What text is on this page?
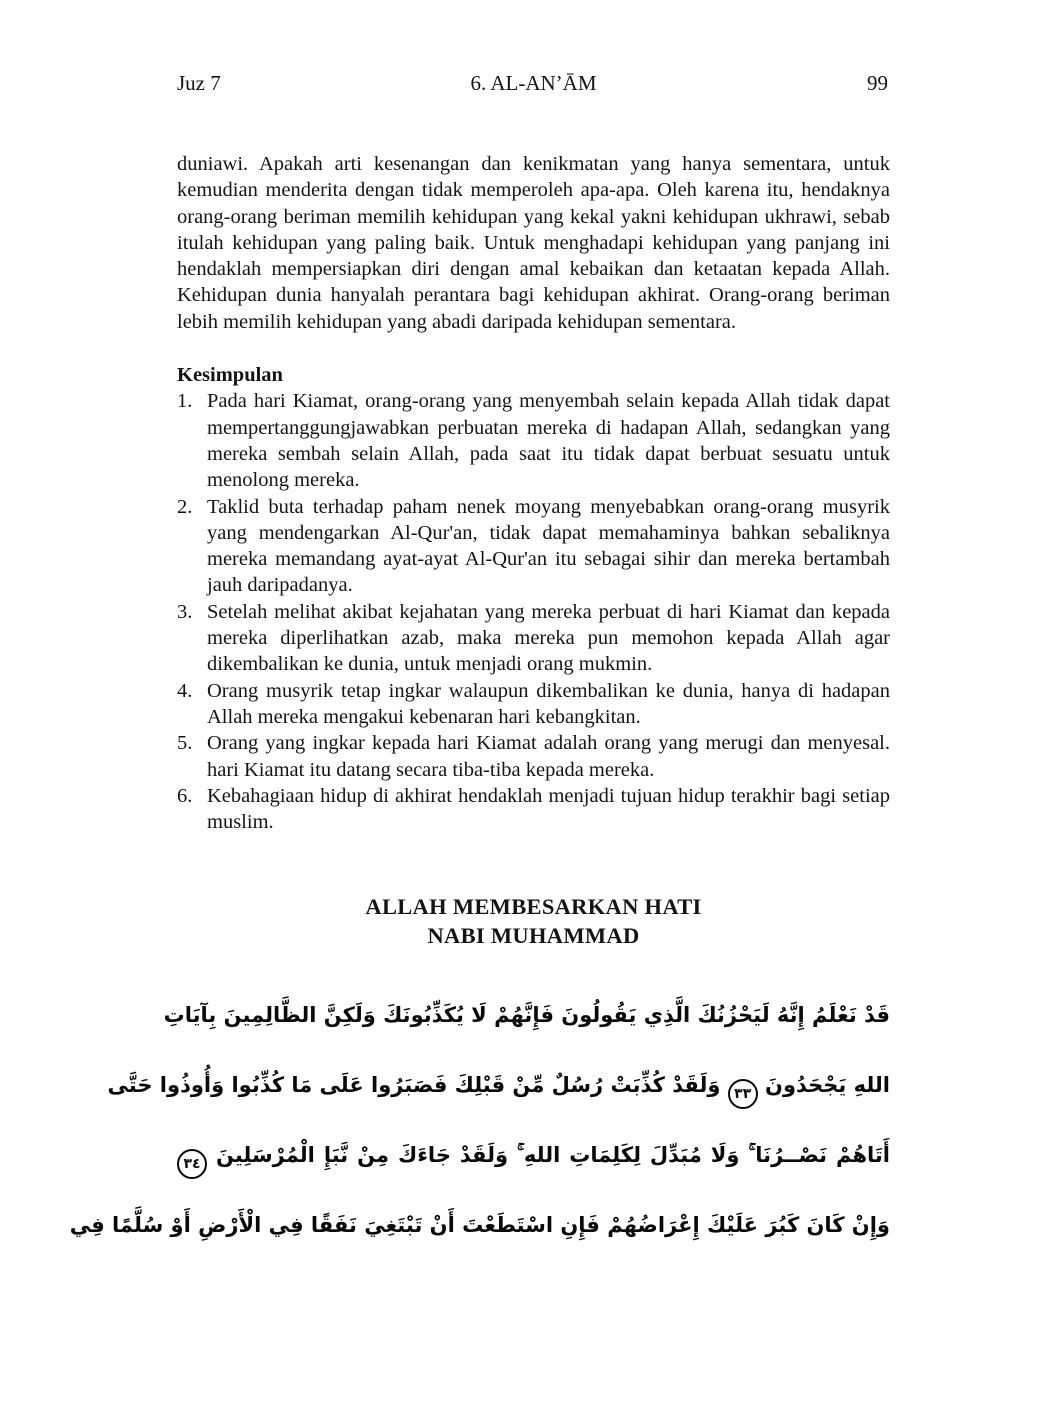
Juz 7	6. AL-AN’ĀM	99

duniawi. Apakah arti kesenangan dan kenikmatan yang hanya sementara, untuk kemudian menderita dengan tidak memperoleh apa-apa. Oleh karena itu, hendaknya orang-orang beriman memilih kehidupan yang kekal yakni kehidupan ukhrawi, sebab itulah kehidupan yang paling baik. Untuk menghadapi kehidupan yang panjang ini hendaklah mempersiapkan diri dengan amal kebaikan dan ketaatan kepada Allah. Kehidupan dunia hanyalah perantara bagi kehidupan akhirat. Orang-orang beriman lebih memilih kehidupan yang abadi daripada kehidupan sementara.

Kesimpulan
1. Pada hari Kiamat, orang-orang yang menyembah selain kepada Allah tidak dapat mempertanggungjawabkan perbuatan mereka di hadapan Allah, sedangkan yang mereka sembah selain Allah, pada saat itu tidak dapat berbuat sesuatu untuk menolong mereka.
2. Taklid buta terhadap paham nenek moyang menyebabkan orang-orang musyrik yang mendengarkan Al-Qur'an, tidak dapat memahaminya bahkan sebaliknya mereka memandang ayat-ayat Al-Qur'an itu sebagai sihir dan mereka bertambah jauh daripadanya.
3. Setelah melihat akibat kejahatan yang mereka perbuat di hari Kiamat dan kepada mereka diperlihatkan azab, maka mereka pun memohon kepada Allah agar dikembalikan ke dunia, untuk menjadi orang mukmin.
4. Orang musyrik tetap ingkar walaupun dikembalikan ke dunia, hanya di hadapan Allah mereka mengakui kebenaran hari kebangkitan.
5. Orang yang ingkar kepada hari Kiamat adalah orang yang merugi dan menyesal. hari Kiamat itu datang secara tiba-tiba kepada mereka.
6. Kebahagiaan hidup di akhirat hendaklah menjadi tujuan hidup terakhir bagi setiap muslim.
ALLAH MEMBESARKAN HATI
NABI MUHAMMAD
قَدْ نَعْلَمُ إِنَّهُ لَيَحْزُنُكَ الَّذِي يَقُولُونَ فَإِنَّهُمْ لَا يُكَذِّبُونَكَ وَلَكِنَّ الظَّالِمِينَ بِآيَاتِ
اللهِ يَجْحَدُونَ ٣٣ وَلَقَدْ كُذِّبَتْ رُسُلٌ مِّنْ قَبْلِكَ فَصَبَرُوا عَلَى مَا كُذِّبُوا وَأُوذُوا حَتَّى
أَتَاهُمْ نَصْــرُنَا ۚ وَلَا مُبَدِّلَ لِكَلِمَاتِ اللهِ ۚ وَلَقَدْ جَاءَكَ مِنْ نَّبَإِ الْمُرْسَلِينَ ٣٤
وَإِنْ كَانَ كَبُرَ عَلَيْكَ إِعْرَاضُهُمْ فَإِنِ اسْتَطَعْتَ أَنْ تَبْتَغِيَ نَفَقًا فِي الْأَرْضِ أَوْ سُلَّمًا فِي
